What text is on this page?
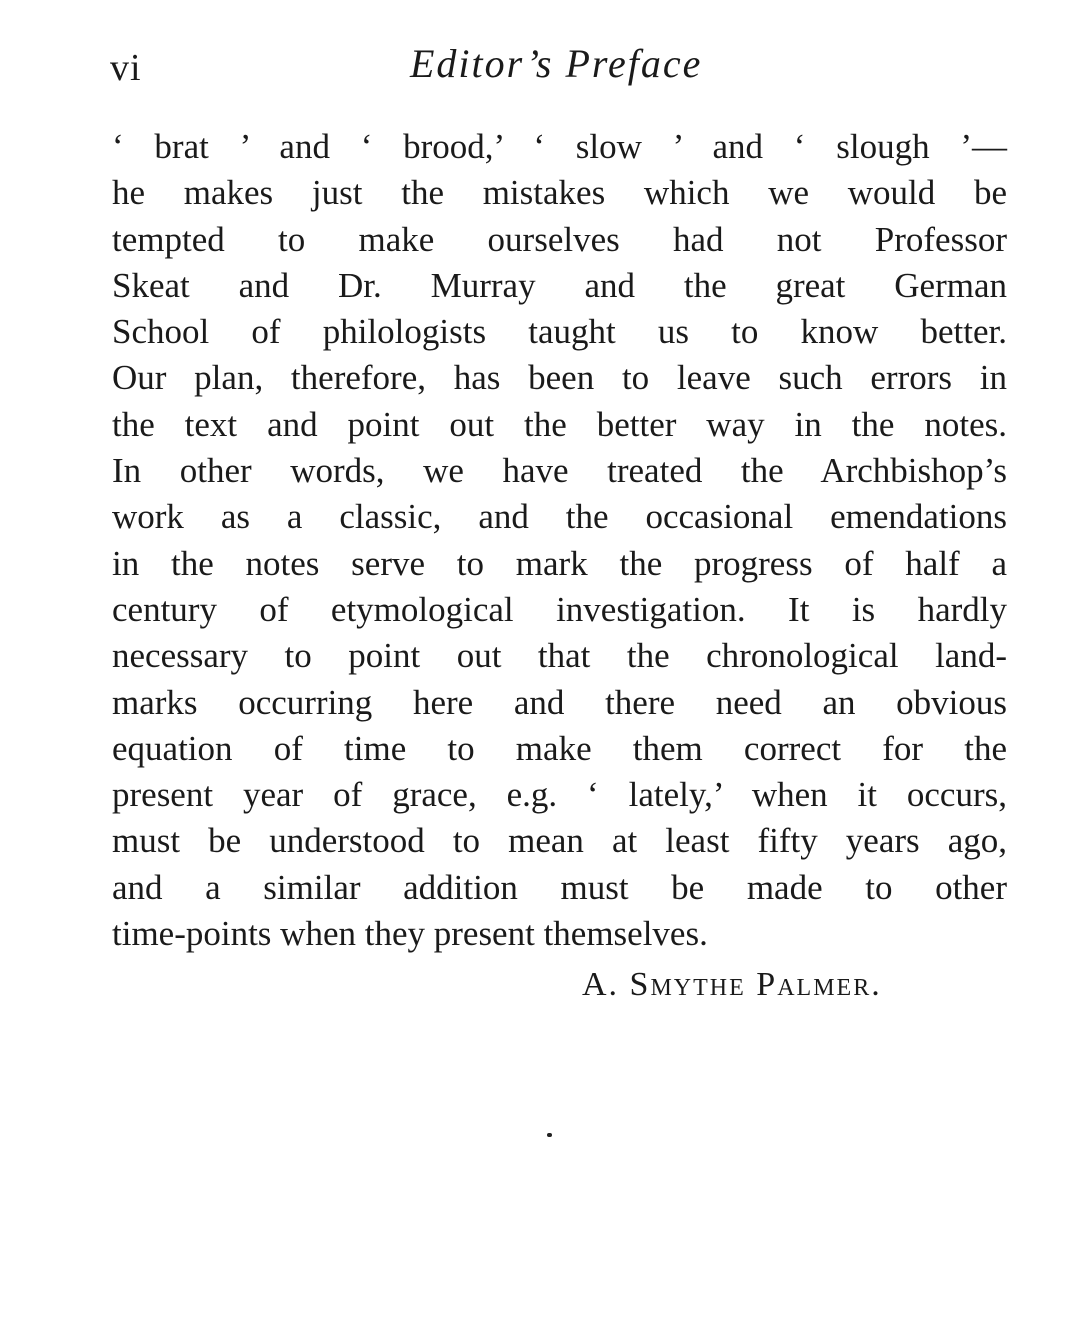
vi	Editor’s Preface
‘ brat ’ and ‘ brood,’ ‘ slow ’ and ‘ slough ’—
he makes just the mistakes which we would be
tempted to make ourselves had not Professor
Skeat and Dr. Murray and the great German
School of philologists taught us to know better.
Our plan, therefore, has been to leave such errors in
the text and point out the better way in the notes.
In other words, we have treated the Archbishop’s
work as a classic, and the occasional emendations
in the notes serve to mark the progress of half a
century of etymological investigation. It is hardly
necessary to point out that the chronological land-
marks occurring here and there need an obvious
equation of time to make them correct for the
present year of grace, e.g. ‘ lately,’ when it occurs,
must be understood to mean at least fifty years ago,
and a similar addition must be made to other
time-points when they present themselves.
A. Smythe Palmer.
